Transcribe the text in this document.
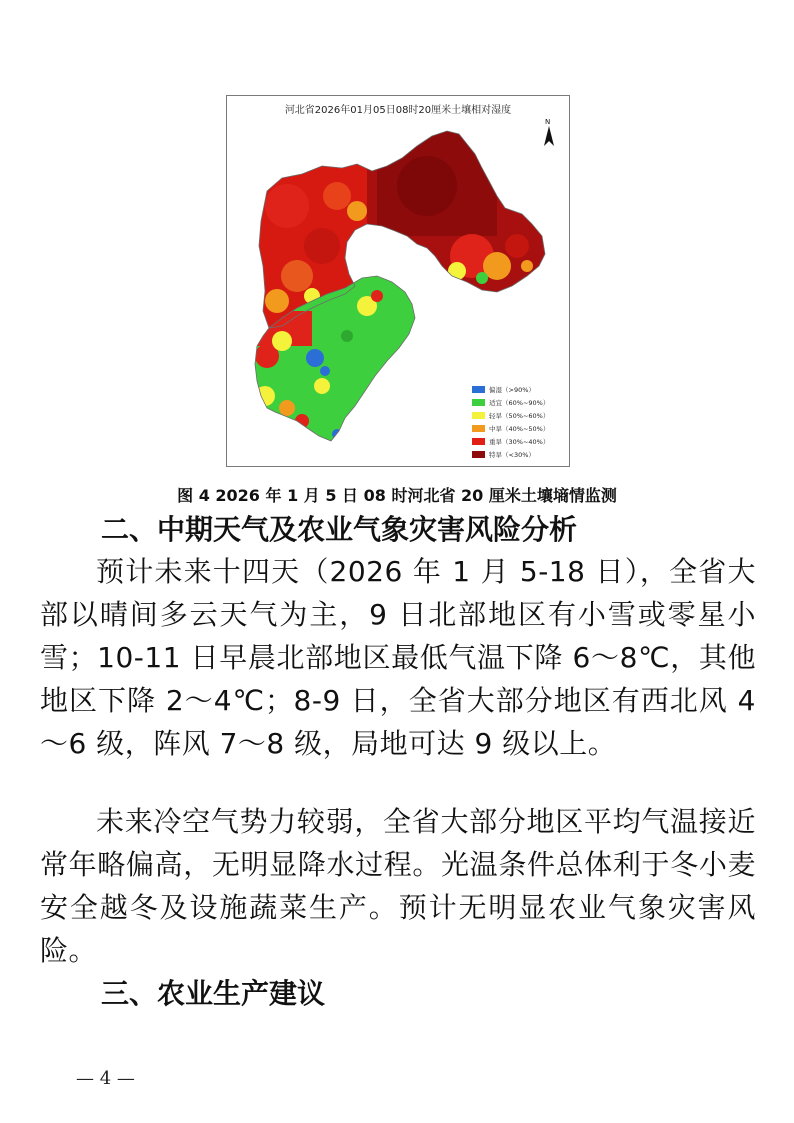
河北省2026年01月05日08时20厘米土壤相对湿度
N
偏湿（>90%）
适宜（60%~90%）
轻旱（50%~60%）
中旱（40%~50%）
重旱（30%~40%）
特旱（<30%）
图 4 2026 年 1 月 5 日 08 时河北省 20 厘米土壤墒情监测
二、中期天气及农业气象灾害风险分析

预计未来十四天（2026 年 1 月 5-18 日），全省大部以晴间多云天气为主，9 日北部地区有小雪或零星小雪；10-11 日早晨北部地区最低气温下降 6～8℃，其他地区下降 2～4℃；8-9 日，全省大部分地区有西北风 4～6 级，阵风 7～8 级，局地可达 9 级以上。

未来冷空气势力较弱，全省大部分地区平均气温接近常年略偏高，无明显降水过程。光温条件总体利于冬小麦安全越冬及设施蔬菜生产。预计无明显农业气象灾害风险。

三、农业生产建议
— 4 —
